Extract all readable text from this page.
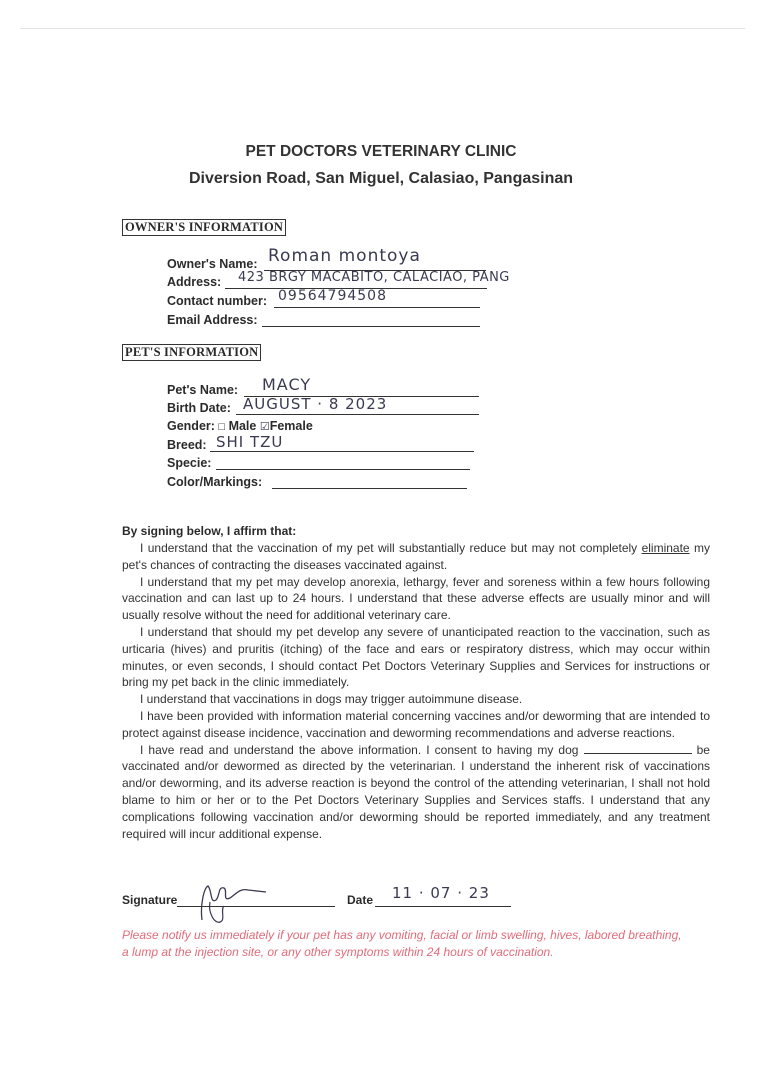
PET DOCTORS VETERINARY CLINIC
Diversion Road, San Miguel, Calasiao, Pangasinan
OWNER'S INFORMATION
Owner's Name: Roman montoya
Address: 423 BRGY MACABITO, CALACIAO, PANG
Contact number: 09564794508
Email Address:
PET'S INFORMATION
Pet's Name: MACY
Birth Date: AUGUST · 8 2023
Gender: □ Male ☑Female
Breed: SHI TZU
Specie:
Color/Markings:
By signing below, I affirm that:

I understand that the vaccination of my pet will substantially reduce but may not completely eliminate my pet's chances of contracting the diseases vaccinated against.

I understand that my pet may develop anorexia, lethargy, fever and soreness within a few hours following vaccination and can last up to 24 hours. I understand that these adverse effects are usually minor and will usually resolve without the need for additional veterinary care.

I understand that should my pet develop any severe of unanticipated reaction to the vaccination, such as urticaria (hives) and pruritis (itching) of the face and ears or respiratory distress, which may occur within minutes, or even seconds, I should contact Pet Doctors Veterinary Supplies and Services for instructions or bring my pet back in the clinic immediately.

I understand that vaccinations in dogs may trigger autoimmune disease.

I have been provided with information material concerning vaccines and/or deworming that are intended to protect against disease incidence, vaccination and deworming recommendations and adverse reactions.

I have read and understand the above information. I consent to having my dog	be vaccinated and/or dewormed as directed by the veterinarian. I understand the inherent risk of vaccinations and/or deworming, and its adverse reaction is beyond the control of the attending veterinarian, I shall not hold blame to him or her or to the Pet Doctors Veterinary Supplies and Services staffs. I understand that any complications following vaccination and/or deworming should be reported immediately, and any treatment required will incur additional expense.

Signature	Date 11 · 07 · 23
Please notify us immediately if your pet has any vomiting, facial or limb swelling, hives, labored breathing, a lump at the injection site, or any other symptoms within 24 hours of vaccination.
